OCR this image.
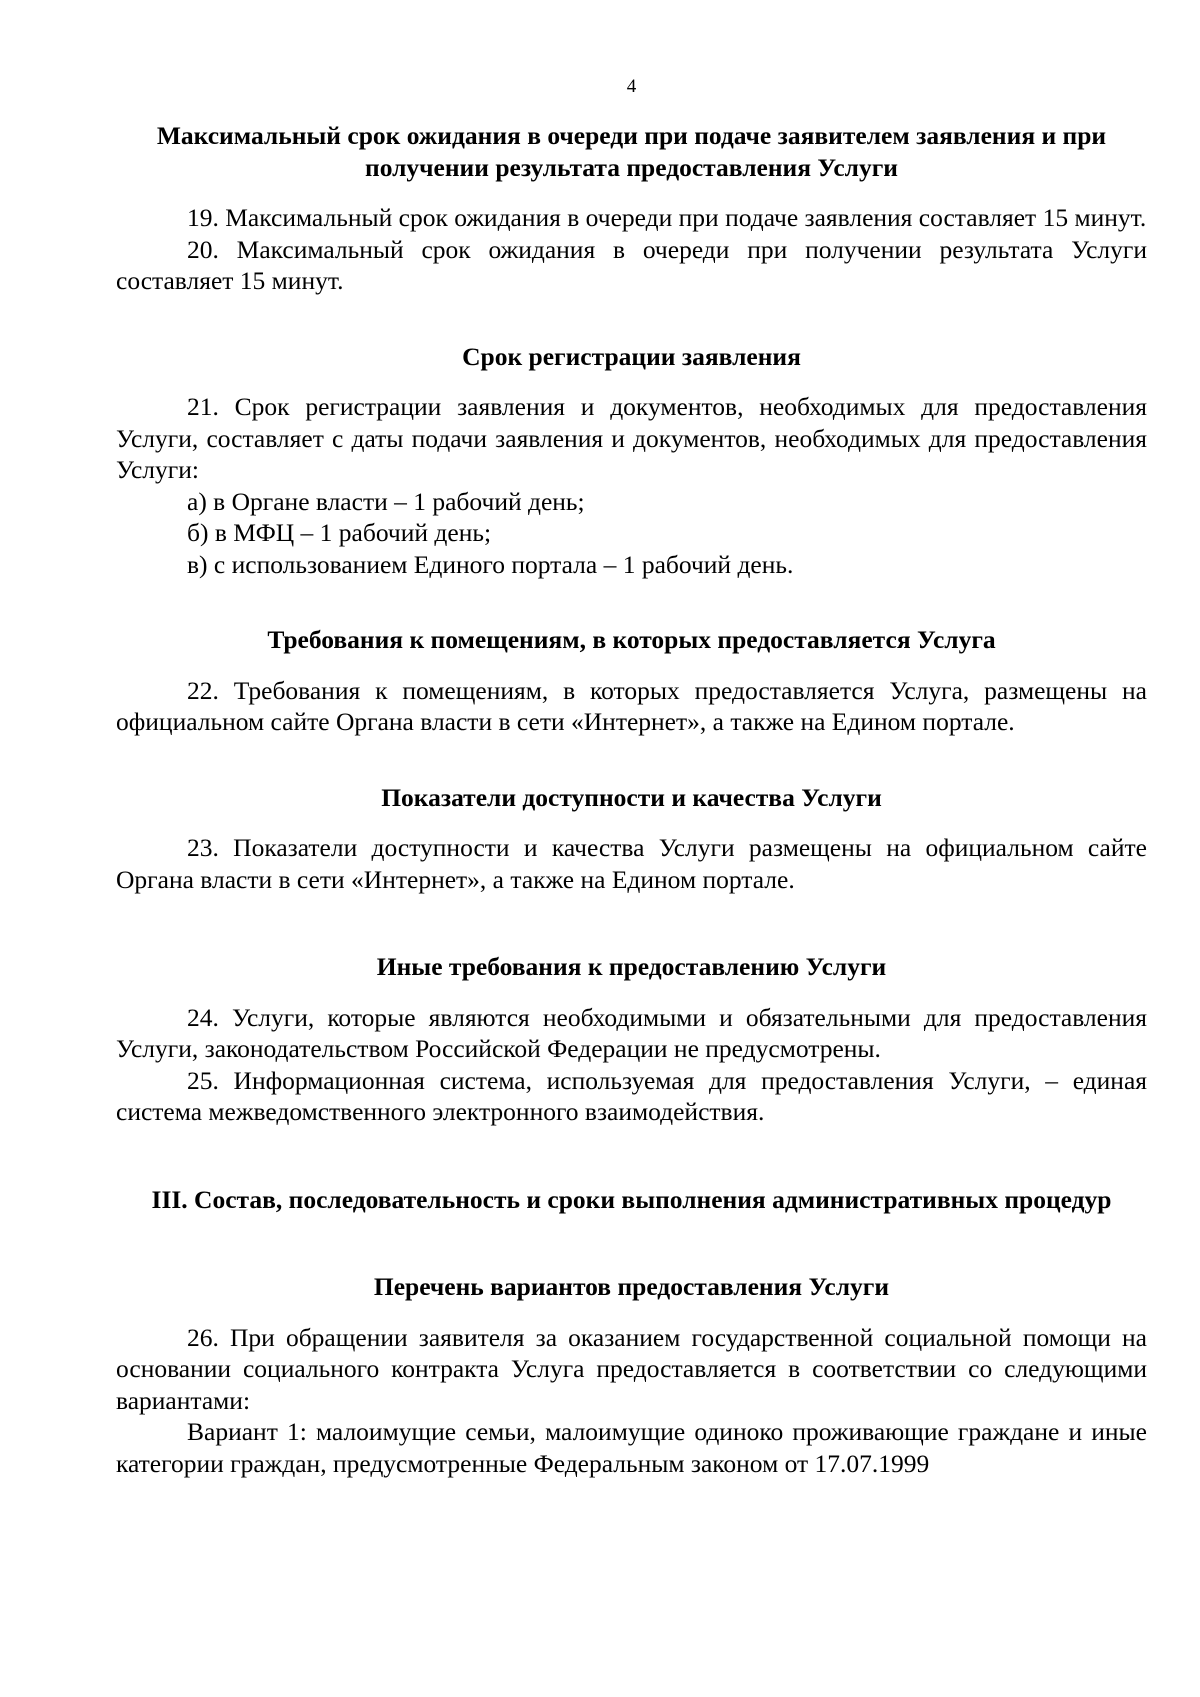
4
Максимальный срок ожидания в очереди при подаче заявителем заявления и при получении результата предоставления Услуги

19. Максимальный срок ожидания в очереди при подаче заявления составляет 15 минут.

20. Максимальный срок ожидания в очереди при получении результата Услуги составляет 15 минут.

Срок регистрации заявления

21. Срок регистрации заявления и документов, необходимых для предоставления Услуги, составляет с даты подачи заявления и документов, необходимых для предоставления Услуги:

а) в Органе власти – 1 рабочий день;

б) в МФЦ – 1 рабочий день;

в) с использованием Единого портала – 1 рабочий день.

Требования к помещениям, в которых предоставляется Услуга

22. Требования к помещениям, в которых предоставляется Услуга, размещены на официальном сайте Органа власти в сети «Интернет», а также на Едином портале.

Показатели доступности и качества Услуги

23. Показатели доступности и качества Услуги размещены на официальном сайте Органа власти в сети «Интернет», а также на Едином портале.

Иные требования к предоставлению Услуги

24. Услуги, которые являются необходимыми и обязательными для предоставления Услуги, законодательством Российской Федерации не предусмотрены.

25. Информационная система, используемая для предоставления Услуги, – единая система межведомственного электронного взаимодействия.

III. Состав, последовательность и сроки выполнения административных процедур
Перечень вариантов предоставления Услуги

26. При обращении заявителя за оказанием государственной социальной помощи на основании социального контракта Услуга предоставляется в соответствии со следующими вариантами:

Вариант 1: малоимущие семьи, малоимущие одиноко проживающие граждане и иные категории граждан, предусмотренные Федеральным законом от 17.07.1999
